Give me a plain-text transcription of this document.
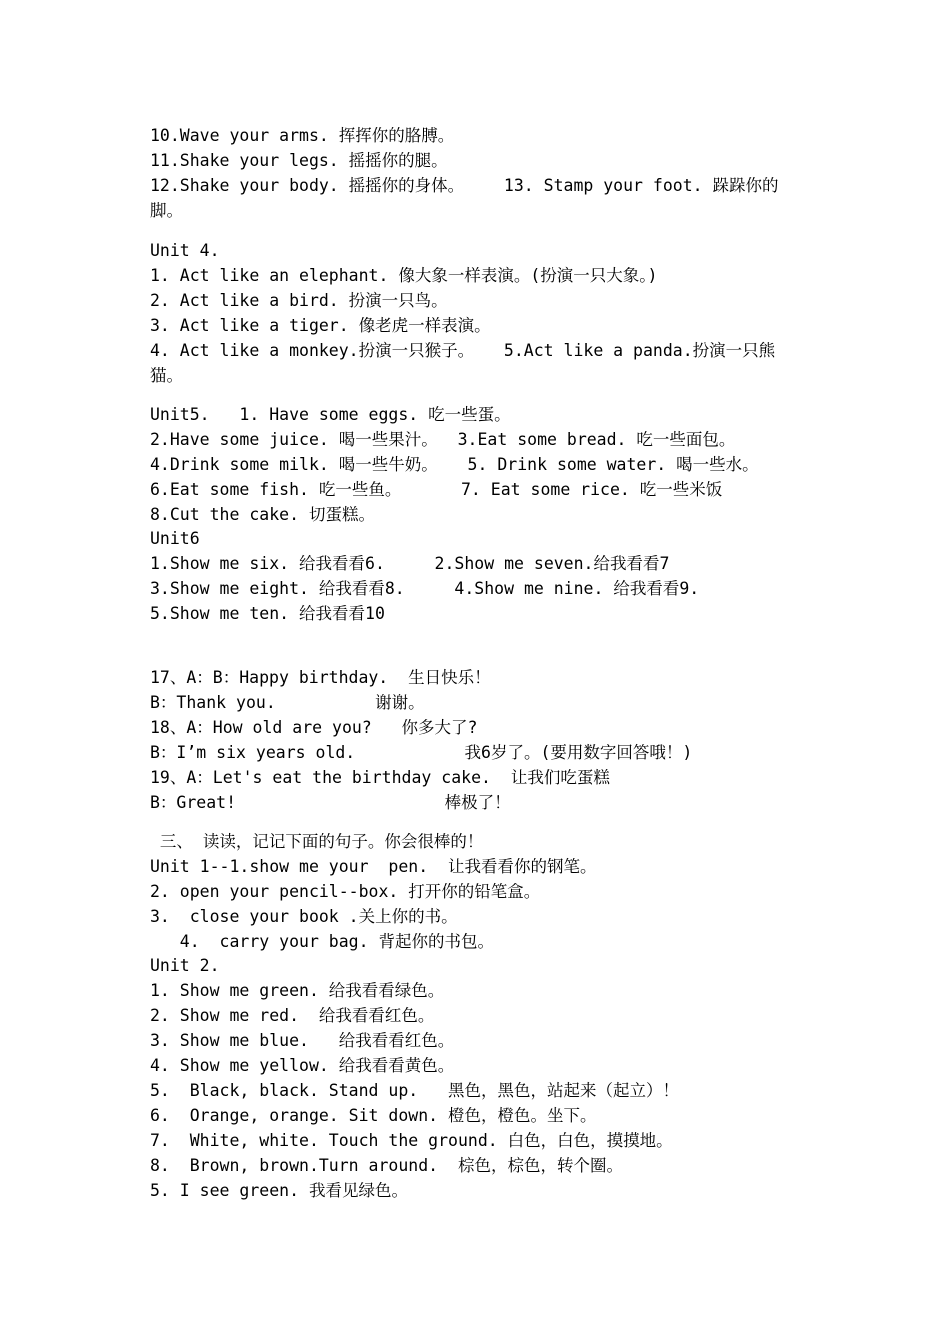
10.Wave your arms. 挥挥你的胳膊。
11.Shake your legs. 摇摇你的腿。
12.Shake your body. 摇摇你的身体。    13. Stamp your foot. 跺跺你的
脚。
Unit 4.
1. Act like an elephant. 像大象一样表演。(扮演一只大象。)
2. Act like a bird. 扮演一只鸟。
3. Act like a tiger. 像老虎一样表演。
4. Act like a monkey.扮演一只猴子。   5.Act like a panda.扮演一只熊
猫。
Unit5.   1. Have some eggs. 吃一些蛋。
2.Have some juice. 喝一些果汁。  3.Eat some bread. 吃一些面包。
4.Drink some milk. 喝一些牛奶。   5. Drink some water. 喝一些水。
6.Eat some fish. 吃一些鱼。      7. Eat some rice. 吃一些米饭
8.Cut the cake. 切蛋糕。
Unit6
1.Show me six. 给我看看6.     2.Show me seven.给我看看7
3.Show me eight. 给我看看8.     4.Show me nine. 给我看看9.
5.Show me ten. 给我看看10
17、A：B：Happy birthday.  生日快乐！
B：Thank you.          谢谢。
18、A：How old are you?   你多大了?
B：I’m six years old.           我6岁了。(要用数字回答哦！)
19、A：Let's eat the birthday cake.  让我们吃蛋糕
B：Great!                     棒极了！
三、 读读，记记下面的句子。你会很棒的！
Unit 1--1.show me your  pen.  让我看看你的钢笔。
2. open your pencil--box. 打开你的铅笔盒。
3.  close your book .关上你的书。
4.  carry your bag. 背起你的书包。
Unit 2.
1. Show me green. 给我看看绿色。
2. Show me red.  给我看看红色。
3. Show me blue.   给我看看红色。
4. Show me yellow. 给我看看黄色。
5.  Black, black. Stand up.   黑色，黑色，站起来（起立）！
6.  Orange, orange. Sit down. 橙色，橙色。坐下。
7.  White, white. Touch the ground. 白色，白色，摸摸地。
8.  Brown, brown.Turn around.  棕色，棕色，转个圈。
5. I see green. 我看见绿色。
